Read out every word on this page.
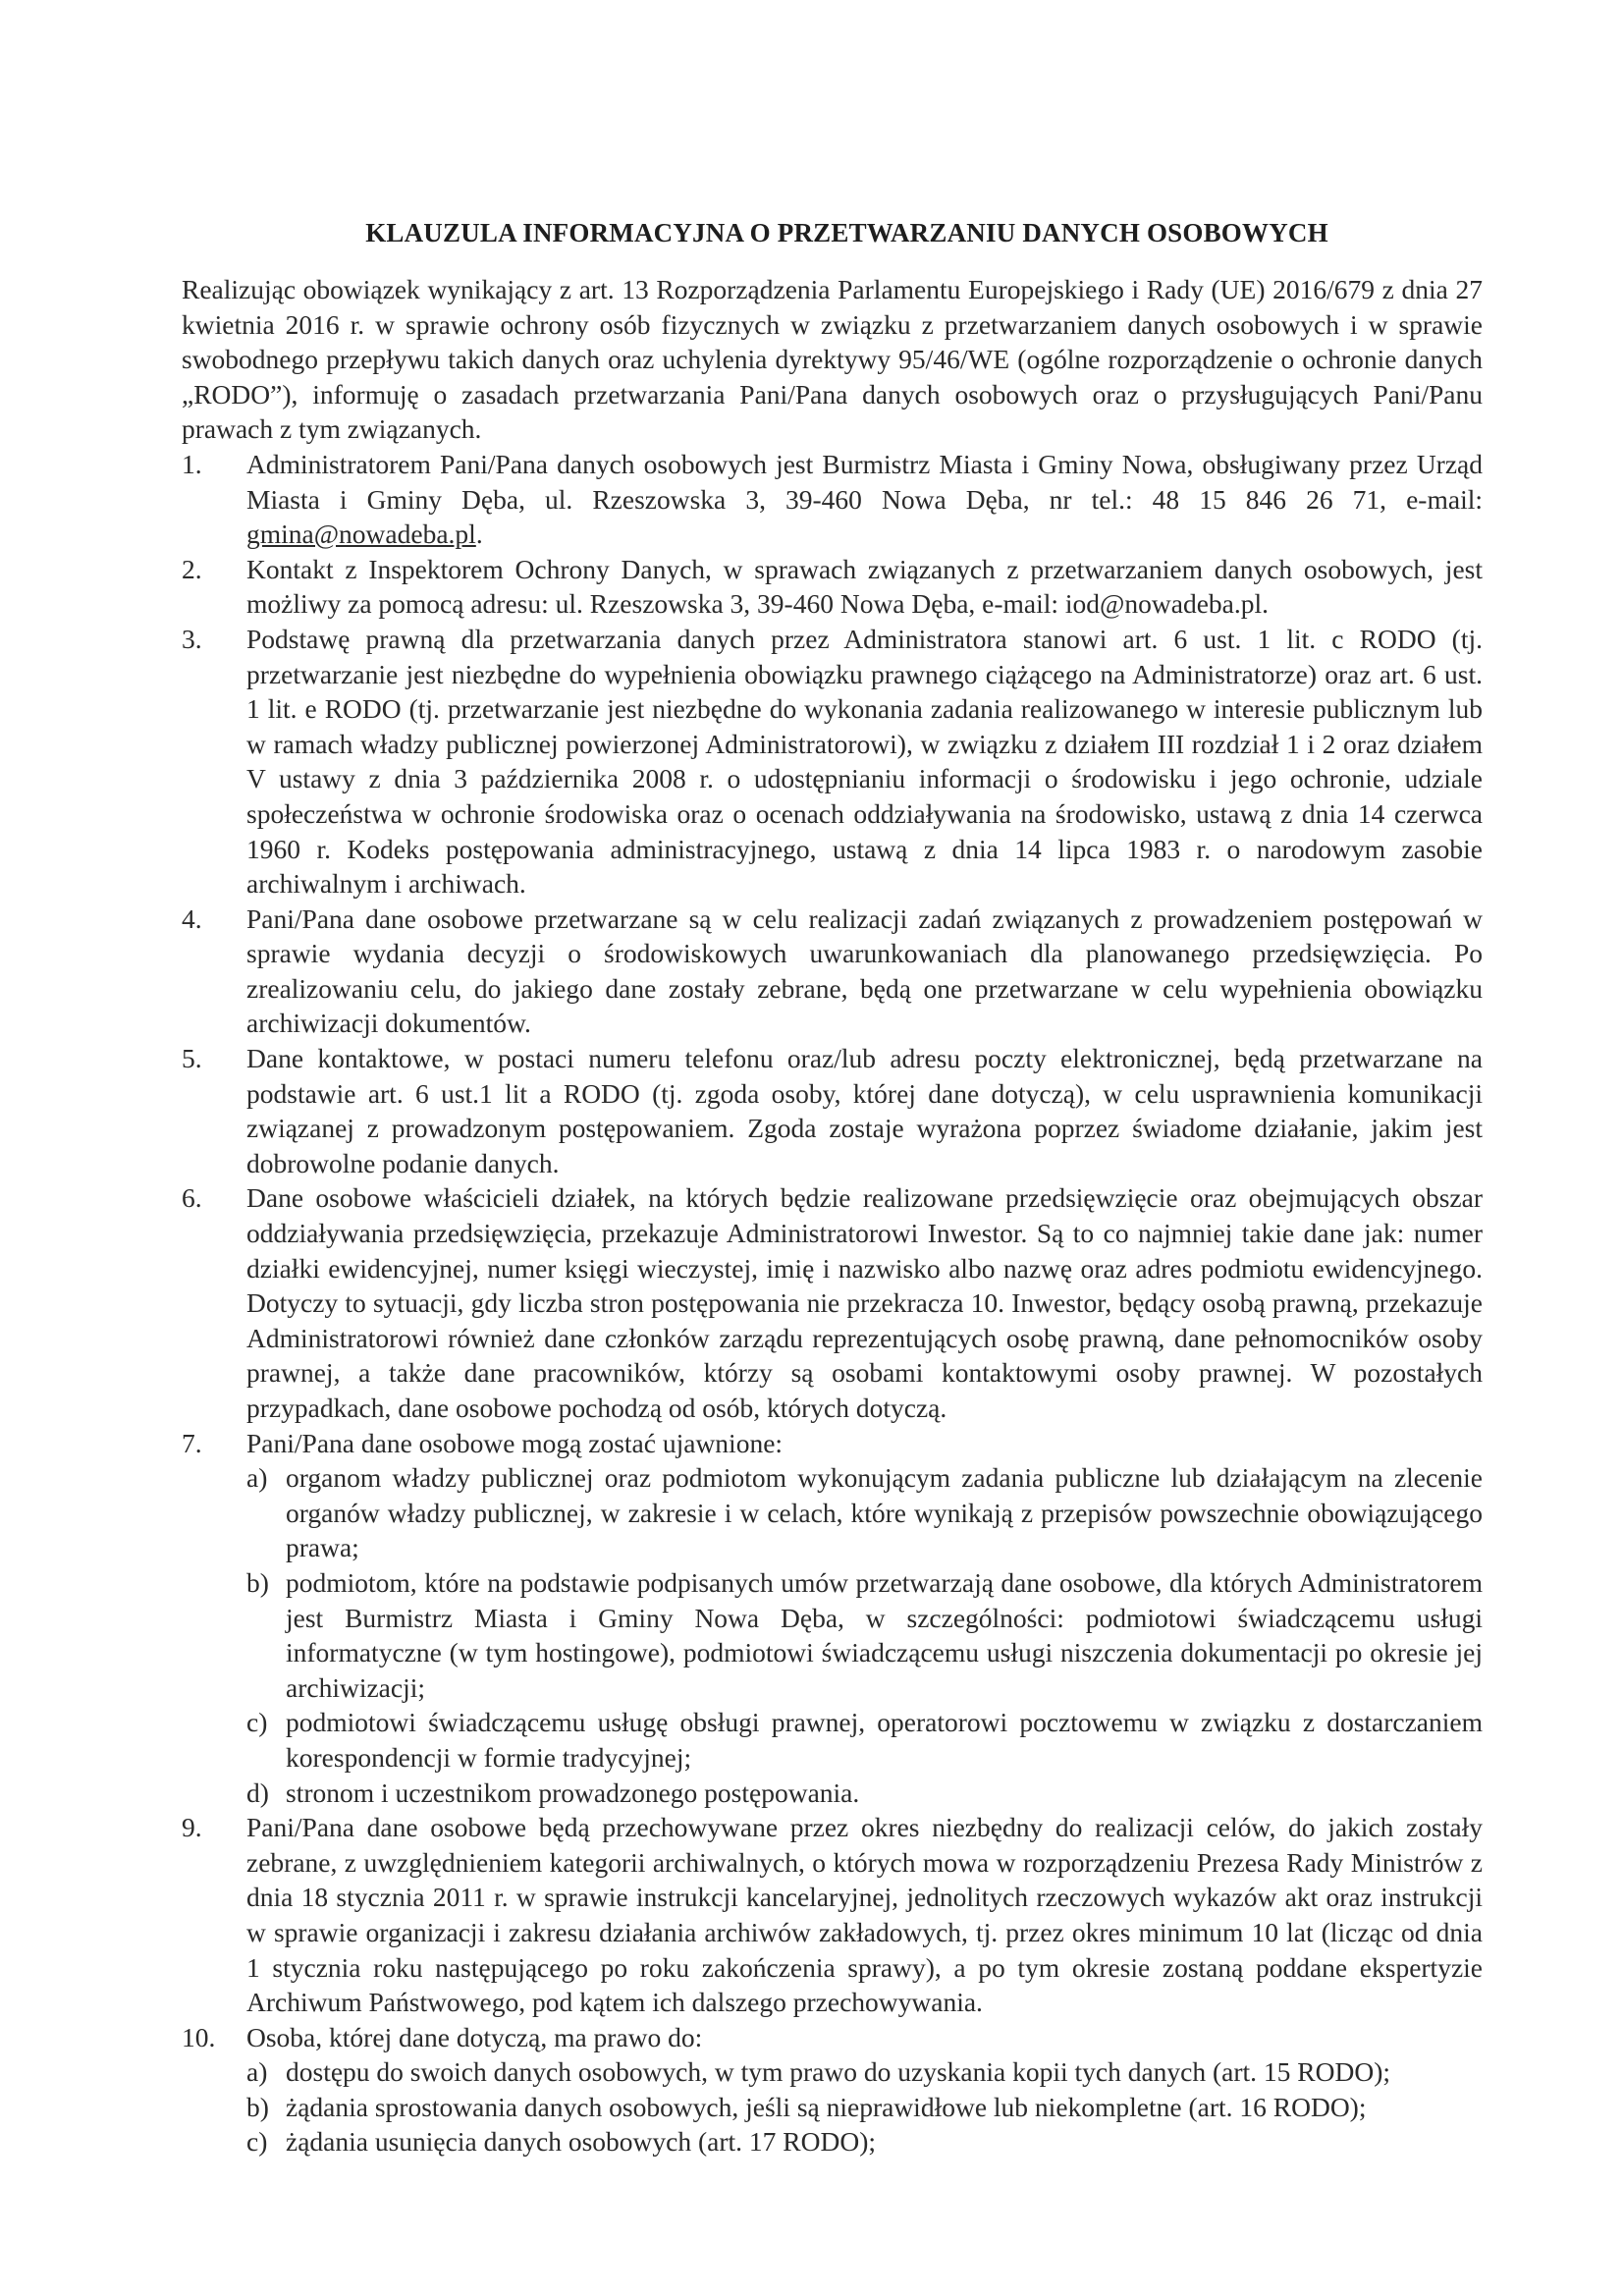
KLAUZULA INFORMACYJNA O PRZETWARZANIU DANYCH OSOBOWYCH

Realizując obowiązek wynikający z art. 13 Rozporządzenia Parlamentu Europejskiego i Rady (UE) 2016/679 z dnia 27 kwietnia 2016 r. w sprawie ochrony osób fizycznych w związku z przetwarzaniem danych osobowych i w sprawie swobodnego przepływu takich danych oraz uchylenia dyrektywy 95/46/WE (ogólne rozporządzenie o ochronie danych „RODO”), informuję o zasadach przetwarzania Pani/Pana danych osobowych oraz o przysługujących Pani/Panu prawach z tym związanych.

1.	Administratorem Pani/Pana danych osobowych jest Burmistrz Miasta i Gminy Nowa, obsługiwany przez Urząd Miasta i Gminy Dęba, ul. Rzeszowska 3, 39-460 Nowa Dęba, nr tel.: 48 15 846 26 71, e-mail: gmina@nowadeba.pl.
2.	Kontakt z Inspektorem Ochrony Danych, w sprawach związanych z przetwarzaniem danych osobowych, jest możliwy za pomocą adresu: ul. Rzeszowska 3, 39-460 Nowa Dęba, e-mail: iod@nowadeba.pl.
3.	Podstawę prawną dla przetwarzania danych przez Administratora stanowi art. 6 ust. 1 lit. c RODO (tj. przetwarzanie jest niezbędne do wypełnienia obowiązku prawnego ciążącego na Administratorze) oraz art. 6 ust. 1 lit. e RODO (tj. przetwarzanie jest niezbędne do wykonania zadania realizowanego w interesie publicznym lub w ramach władzy publicznej powierzonej Administratorowi), w związku z działem III rozdział 1 i 2 oraz działem V ustawy z dnia 3 października 2008 r. o udostępnianiu informacji o środowisku i jego ochronie, udziale społeczeństwa w ochronie środowiska oraz o ocenach oddziaływania na środowisko, ustawą z dnia 14 czerwca 1960 r. Kodeks postępowania administracyjnego, ustawą z dnia 14 lipca 1983 r. o narodowym zasobie archiwalnym i archiwach.
4.	Pani/Pana dane osobowe przetwarzane są w celu realizacji zadań związanych z prowadzeniem postępowań w sprawie wydania decyzji o środowiskowych uwarunkowaniach dla planowanego przedsięwzięcia. Po zrealizowaniu celu, do jakiego dane zostały zebrane, będą one przetwarzane w celu wypełnienia obowiązku archiwizacji dokumentów.
5.	Dane kontaktowe, w postaci numeru telefonu oraz/lub adresu poczty elektronicznej, będą przetwarzane na podstawie art. 6 ust.1 lit a RODO (tj. zgoda osoby, której dane dotyczą), w celu usprawnienia komunikacji związanej z prowadzonym postępowaniem. Zgoda zostaje wyrażona poprzez świadome działanie, jakim jest dobrowolne podanie danych.
6.	Dane osobowe właścicieli działek, na których będzie realizowane przedsięwzięcie oraz obejmujących obszar oddziaływania przedsięwzięcia, przekazuje Administratorowi Inwestor. Są to co najmniej takie dane jak: numer działki ewidencyjnej, numer księgi wieczystej, imię i nazwisko albo nazwę oraz adres podmiotu ewidencyjnego. Dotyczy to sytuacji, gdy liczba stron postępowania nie przekracza 10. Inwestor, będący osobą prawną, przekazuje Administratorowi również dane członków zarządu reprezentujących osobę prawną, dane pełnomocników osoby prawnej, a także dane pracowników, którzy są osobami kontaktowymi osoby prawnej. W pozostałych przypadkach, dane osobowe pochodzą od osób, których dotyczą.
7.	Pani/Pana dane osobowe mogą zostać ujawnione:
a) organom władzy publicznej oraz podmiotom wykonującym zadania publiczne lub działającym na zlecenie organów władzy publicznej, w zakresie i w celach, które wynikają z przepisów powszechnie obowiązującego prawa;
b) podmiotom, które na podstawie podpisanych umów przetwarzają dane osobowe, dla których Administratorem jest Burmistrz Miasta i Gminy Nowa Dęba, w szczególności: podmiotowi świadczącemu usługi informatyczne (w tym hostingowe), podmiotowi świadczącemu usługi niszczenia dokumentacji po okresie jej archiwizacji;
c) podmiotowi świadczącemu usługę obsługi prawnej, operatorowi pocztowemu w związku z dostarczaniem korespondencji w formie tradycyjnej;
d) stronom i uczestnikom prowadzonego postępowania.
9.	Pani/Pana dane osobowe będą przechowywane przez okres niezbędny do realizacji celów, do jakich zostały zebrane, z uwzględnieniem kategorii archiwalnych, o których mowa w rozporządzeniu Prezesa Rady Ministrów z dnia 18 stycznia 2011 r. w sprawie instrukcji kancelaryjnej, jednolitych rzeczowych wykazów akt oraz instrukcji w sprawie organizacji i zakresu działania archiwów zakładowych, tj. przez okres minimum 10 lat (licząc od dnia 1 stycznia roku następującego po roku zakończenia sprawy), a po tym okresie zostaną poddane ekspertyzie Archiwum Państwowego, pod kątem ich dalszego przechowywania.
10.	Osoba, której dane dotyczą, ma prawo do:
a) dostępu do swoich danych osobowych, w tym prawo do uzyskania kopii tych danych (art. 15 RODO);
b) żądania sprostowania danych osobowych, jeśli są nieprawidłowe lub niekompletne (art. 16 RODO);
c) żądania usunięcia danych osobowych (art. 17 RODO);
